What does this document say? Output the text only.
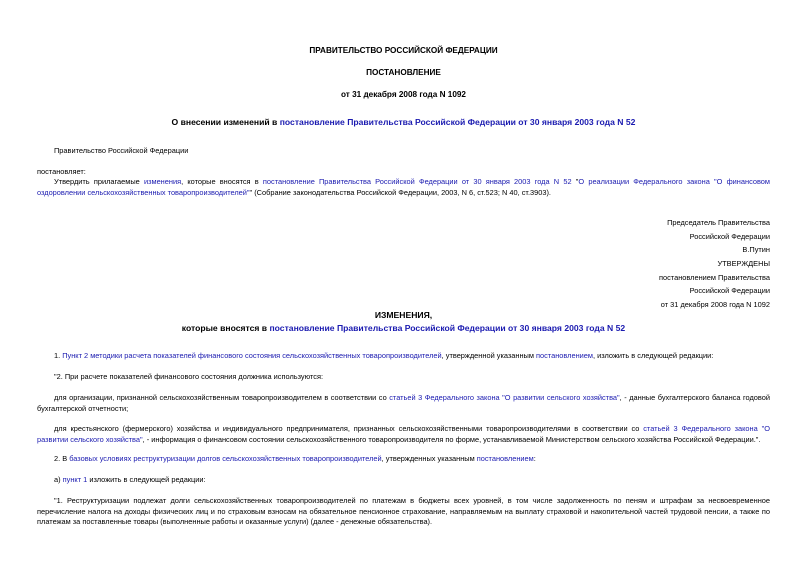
ПРАВИТЕЛЬСТВО РОССИЙСКОЙ ФЕДЕРАЦИИ
ПОСТАНОВЛЕНИЕ
от 31 декабря 2008 года N 1092
О внесении изменений в постановление Правительства Российской Федерации от 30 января 2003 года N 52
Правительство Российской Федерации
постановляет:
Утвердить прилагаемые изменения, которые вносятся в постановление Правительства Российской Федерации от 30 января 2003 года N 52 "О реализации Федерального закона "О финансовом оздоровлении сельскохозяйственных товаропроизводителей"" (Собрание законодательства Российской Федерации, 2003, N 6, ст.523; N 40, ст.3903).

Председатель Правительства

Российской Федерации

В.Путин

УТВЕРЖДЕНЫ

постановлением Правительства

Российской Федерации

от 31 декабря 2008 года N 1092

ИЗМЕНЕНИЯ,
которые вносятся в постановление Правительства Российской Федерации от 30 января 2003 года N 52
1. Пункт 2 методики расчета показателей финансового состояния сельскохозяйственных товаропроизводителей, утвержденной указанным постановлением, изложить в следующей редакции:
"2. При расчете показателей финансового состояния должника используются:
для организации, признанной сельскохозяйственным товаропроизводителем в соответствии со статьей 3 Федерального закона "О развитии сельского хозяйства", - данные бухгалтерского баланса годовой бухгалтерской отчетности;
для крестьянского (фермерского) хозяйства и индивидуального предпринимателя, признанных сельскохозяйственными товаропроизводителями в соответствии со статьей 3 Федерального закона "О развитии сельского хозяйства", - информация о финансовом состоянии сельскохозяйственного товаропроизводителя по форме, устанавливаемой Министерством сельского хозяйства Российской Федерации.".
2. В базовых условиях реструктуризации долгов сельскохозяйственных товаропроизводителей, утвержденных указанным постановлением:
а) пункт 1 изложить в следующей редакции:
"1. Реструктуризации подлежат долги сельскохозяйственных товаропроизводителей по платежам в бюджеты всех уровней, в том числе задолженность по пеням и штрафам за несвоевременное перечисление налога на доходы физических лиц и по страховым взносам на обязательное пенсионное страхование, направляемым на выплату страховой и накопительной частей трудовой пенсии, а также по платежам за поставленные товары (выполненные работы и оказанные услуги) (далее - денежные обязательства).
